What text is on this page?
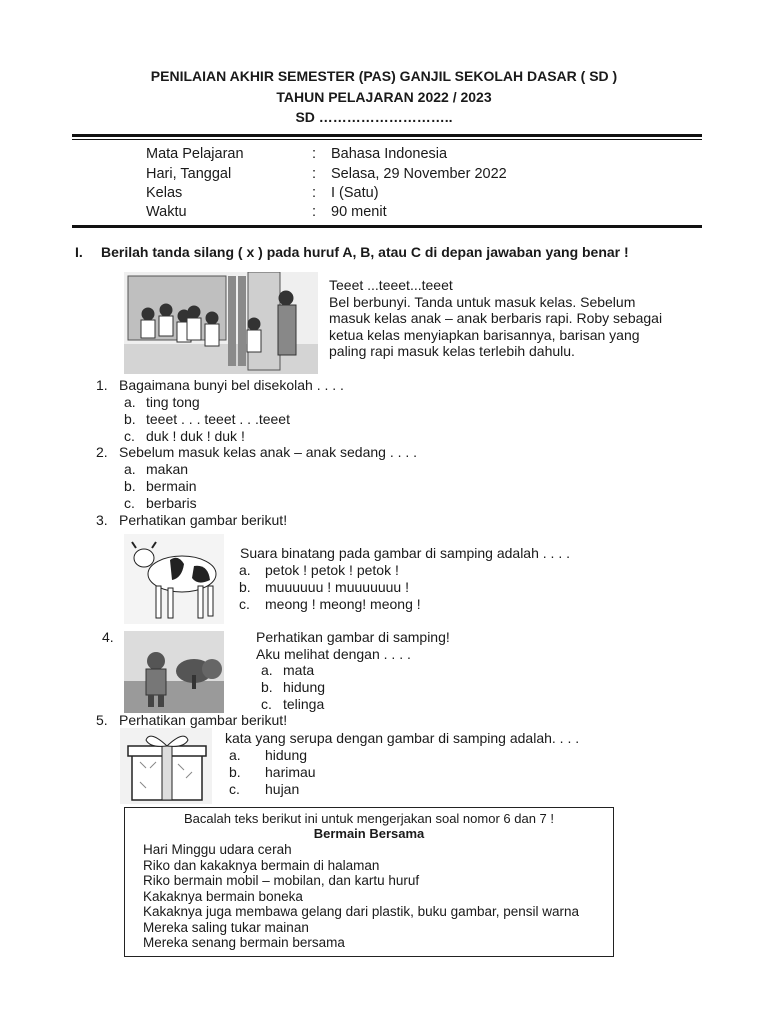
PENILAIAN AKHIR SEMESTER (PAS) GANJIL SEKOLAH DASAR ( SD )
TAHUN PELAJARAN 2022 / 2023
SD ………………………..
Mata Pelajaran	: Bahasa Indonesia
Hari, Tanggal	: Selasa, 29 November 2022
Kelas	: I (Satu)
Waktu	: 90 menit
I. Berilah tanda silang ( x ) pada huruf A, B, atau C di depan jawaban yang benar !
Teeet ...teeet...teeet
Bel berbunyi. Tanda untuk masuk kelas. Sebelum
masuk kelas anak – anak berbaris rapi. Roby sebagai
ketua kelas menyiapkan barisannya, barisan yang
paling rapi masuk kelas terlebih dahulu.
1. Bagaimana bunyi bel disekolah . . . .
a. ting tong
b. teeet . . . teeet . . .teeet
c. duk ! duk ! duk !
2. Sebelum masuk kelas anak – anak sedang . . . .
a. makan
b. bermain
c. berbaris
3. Perhatikan gambar berikut!
Suara binatang pada gambar di samping adalah . . . .
a. petok ! petok ! petok !
b. muuuuuu ! muuuuuuu !
c. meong ! meong! meong !
4.	Perhatikan gambar di samping!
Aku melihat dengan . . . .
a. mata
b. hidung
c. telinga
5. Perhatikan gambar berikut!
kata yang serupa dengan gambar di samping adalah. . . .
a. hidung
b. harimau
c. hujan
Bacalah teks berikut ini untuk mengerjakan soal nomor 6 dan 7 !
Bermain Bersama
Hari Minggu udara cerah
Riko dan kakaknya bermain di halaman
Riko bermain mobil – mobilan, dan kartu huruf
Kakaknya bermain boneka
Kakaknya juga membawa gelang dari plastik, buku gambar, pensil warna
Mereka saling tukar mainan
Mereka senang bermain bersama
